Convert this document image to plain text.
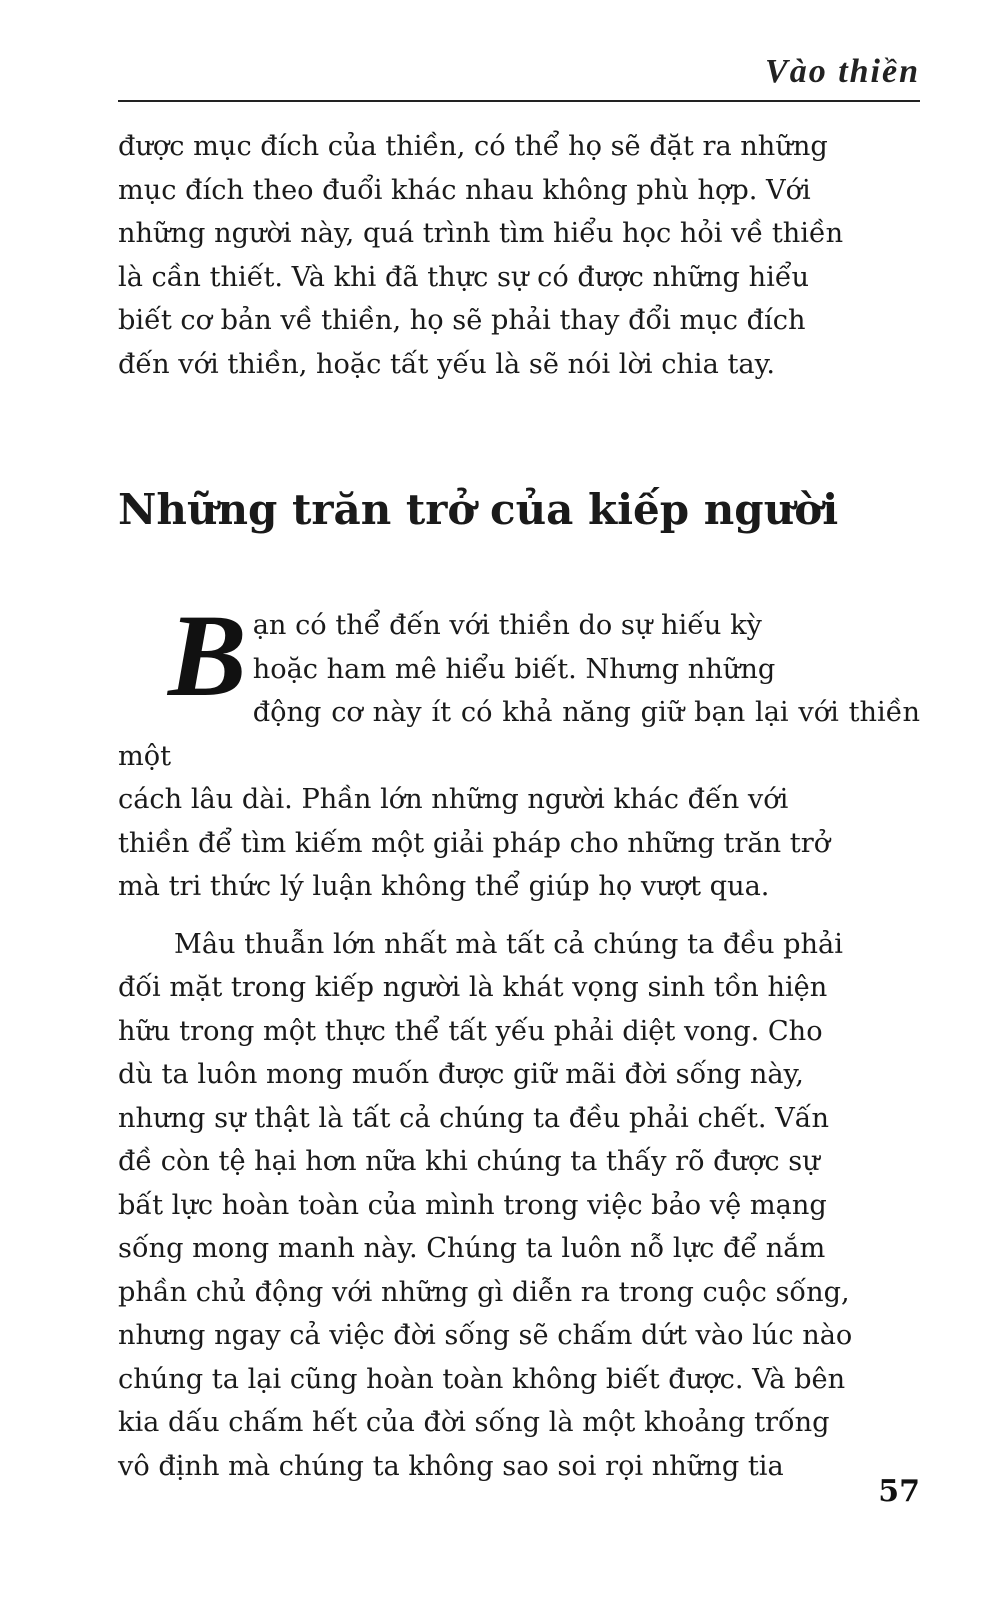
Vào thiền

được mục đích của thiền, có thể họ sẽ đặt ra những
mục đích theo đuổi khác nhau không phù hợp. Với
những người này, quá trình tìm hiểu học hỏi về thiền
là cần thiết. Và khi đã thực sự có được những hiểu
biết cơ bản về thiền, họ sẽ phải thay đổi mục đích
đến với thiền, hoặc tất yếu là sẽ nói lời chia tay.

Những trăn trở của kiếp người
B ạn có thể đến với thiền do sự hiếu kỳ
hoặc ham mê hiểu biết. Nhưng những
động cơ này ít có khả năng giữ bạn lại với thiền một
cách lâu dài. Phần lớn những người khác đến với
thiền để tìm kiếm một giải pháp cho những trăn trở
mà tri thức lý luận không thể giúp họ vượt qua.

Mâu thuẫn lớn nhất mà tất cả chúng ta đều phải
đối mặt trong kiếp người là khát vọng sinh tồn hiện
hữu trong một thực thể tất yếu phải diệt vong. Cho
dù ta luôn mong muốn được giữ mãi đời sống này,
nhưng sự thật là tất cả chúng ta đều phải chết. Vấn
đề còn tệ hại hơn nữa khi chúng ta thấy rõ được sự
bất lực hoàn toàn của mình trong việc bảo vệ mạng
sống mong manh này. Chúng ta luôn nỗ lực để nắm
phần chủ động với những gì diễn ra trong cuộc sống,
nhưng ngay cả việc đời sống sẽ chấm dứt vào lúc nào
chúng ta lại cũng hoàn toàn không biết được. Và bên
kia dấu chấm hết của đời sống là một khoảng trống
vô định mà chúng ta không sao soi rọi những tia

57
